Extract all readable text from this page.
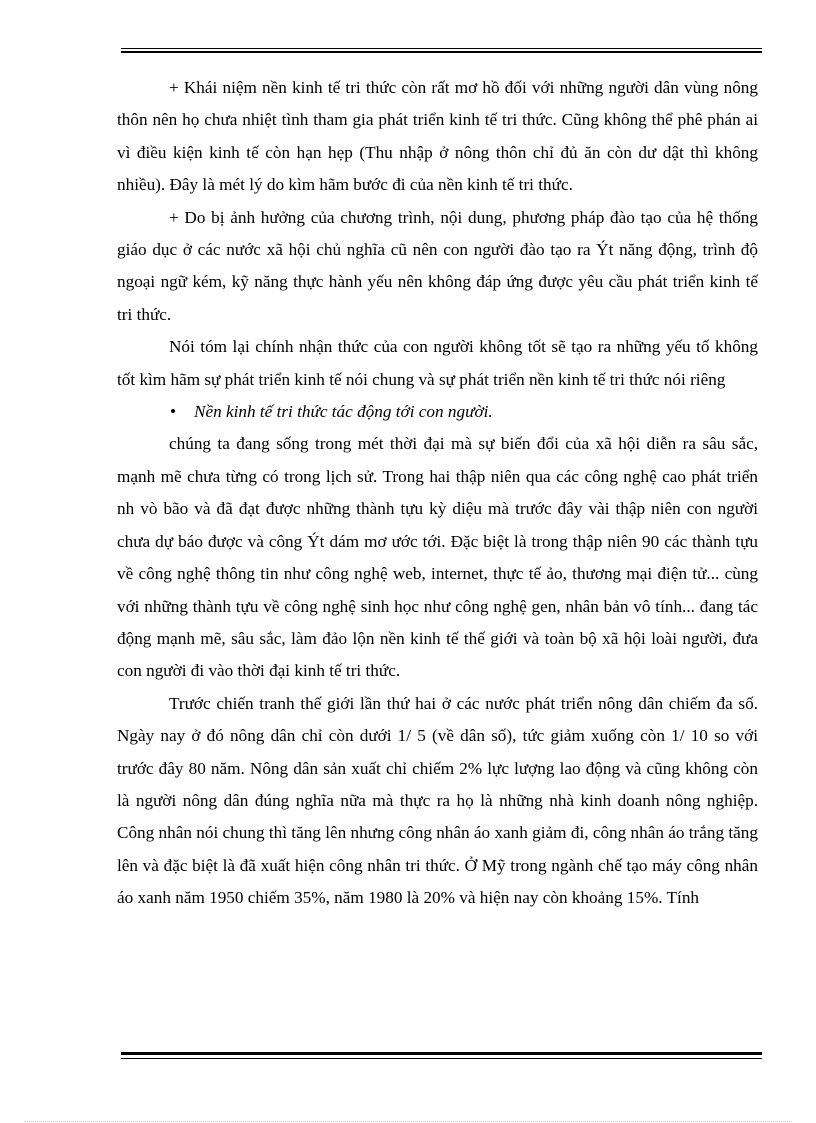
+ Khái niệm nền kinh tế tri thức còn rất mơ hồ đối với những người dân vùng nông thôn nên họ chưa nhiệt tình tham gia phát triển kinh tế tri thức. Cũng không thể phê phán ai vì điều kiện kinh tế còn hạn hẹp (Thu nhập ở nông thôn chỉ đủ ăn còn dư dật thì không nhiều). Đây là mét lý do kìm hãm bước đi của nền kinh tế tri thức.

+ Do bị ảnh hưởng của chương trình, nội dung, phương pháp đào tạo của hệ thống giáo dục ở các nước xã hội chủ nghĩa cũ nên con người đào tạo ra Ýt năng động, trình độ ngoại ngữ kém, kỹ năng thực hành yếu nên không đáp ứng được yêu cầu phát triển kinh tế tri thức.

Nói tóm lại chính nhận thức của con người không tốt sẽ tạo ra những yếu tố không tốt kìm hãm sự phát triển kinh tế nói chung và sự phát triển nền kinh tế tri thức nói riêng

•	Nền kinh tế tri thức tác động tới con người.

chúng ta đang sống trong mét thời đại mà sự biến đổi của xã hội diễn ra sâu sắc, mạnh mẽ chưa từng có trong lịch sử. Trong hai thập niên qua các công nghệ cao phát triển nh vò bão và đã đạt được những thành tựu kỳ diệu mà trước đây vài thập niên con người chưa dự báo được và công Ýt dám mơ ước tới. Đặc biệt là trong thập niên 90 các thành tựu về công nghệ thông tin như công nghệ web, internet, thực tế ảo, thương mại điện tử... cùng với những thành tựu về công nghệ sinh học như công nghệ gen, nhân bản vô tính... đang tác động mạnh mẽ, sâu sắc, làm đảo lộn nền kinh tế thế giới và toàn bộ xã hội loài người, đưa con người đi vào thời đại kinh tế tri thức.

Trước chiến tranh thế giới lần thứ hai ở các nước phát triển nông dân chiếm đa số. Ngày nay ở đó nông dân chỉ còn dưới 1/ 5 (về dân số), tức giảm xuống còn 1/ 10 so với trước đây 80 năm. Nông dân sản xuất chỉ chiếm 2% lực lượng lao động và cũng không còn là người nông dân đúng nghĩa nữa mà thực ra họ là những nhà kinh doanh nông nghiệp. Công nhân nói chung thì tăng lên nhưng công nhân áo xanh giảm đi, công nhân áo trắng tăng lên và đặc biệt là đã xuất hiện công nhân tri thức. Ở Mỹ trong ngành chế tạo máy công nhân áo xanh năm 1950 chiếm 35%, năm 1980 là 20% và hiện nay còn khoảng 15%. Tính
